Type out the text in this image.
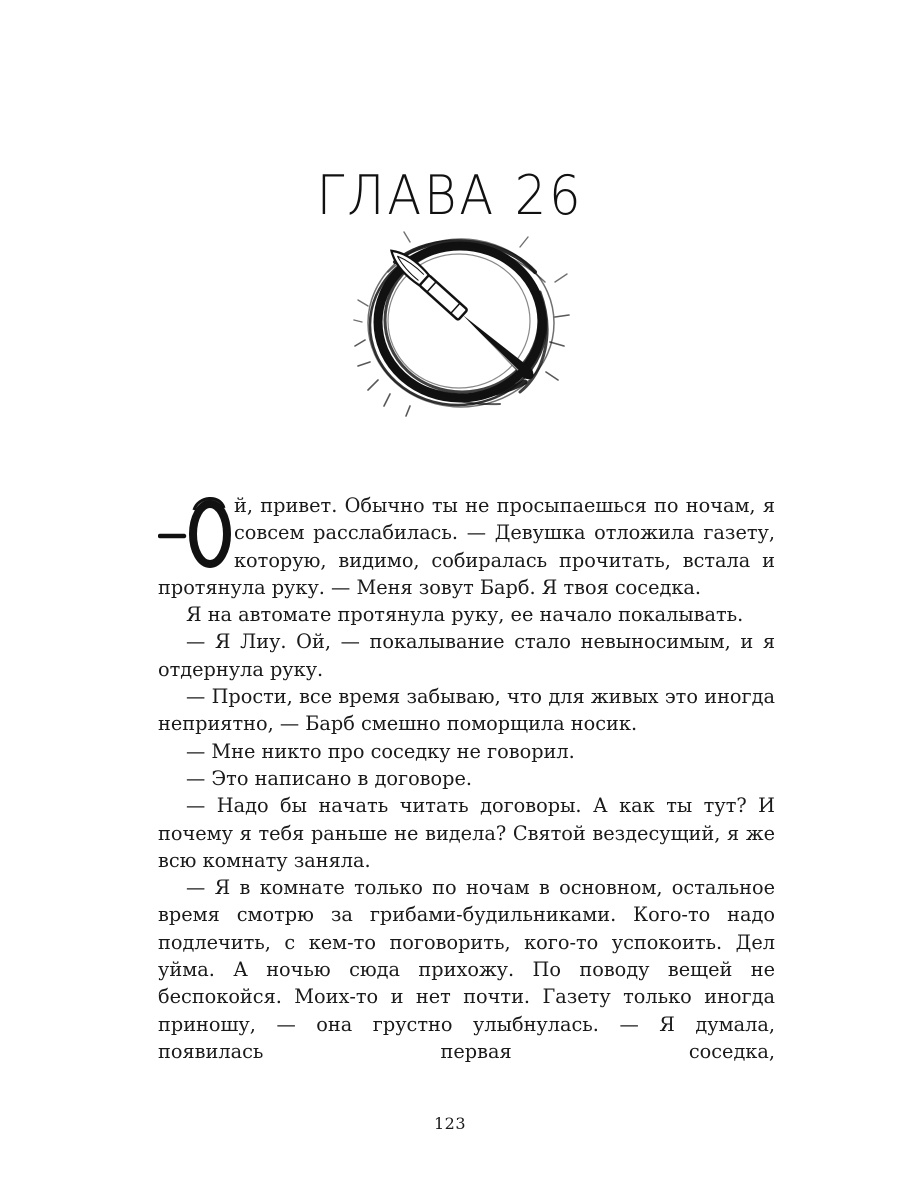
ГЛАВА 26

й, привет. Обычно ты не просыпаешься по ночам, я совсем расслабилась. — Девушка отложила газету, которую, видимо, собиралась прочитать, встала и протянула руку. — Меня зовут Барб. Я твоя соседка.

Я на автомате протянула руку, ее начало покалывать.

— Я Лиу. Ой, — покалывание стало невыносимым, и я отдернула руку.

— Прости, все время забываю, что для живых это иногда неприятно, — Барб смешно поморщила носик.

— Мне никто про соседку не говорил.

— Это написано в договоре.

— Надо бы начать читать договоры. А как ты тут? И почему я тебя раньше не видела? Святой вездесущий, я же всю комнату заняла.

— Я в комнате только по ночам в основном, остальное время смотрю за грибами-будильниками. Кого-то надо подлечить, с кем-то поговорить, кого-то успокоить. Дел уйма. А ночью сюда прихожу. По поводу вещей не беспокойся. Моих-то и нет почти. Газету только иногда приношу, — она грустно улыбнулась. — Я думала, появилась первая соседка,

123
